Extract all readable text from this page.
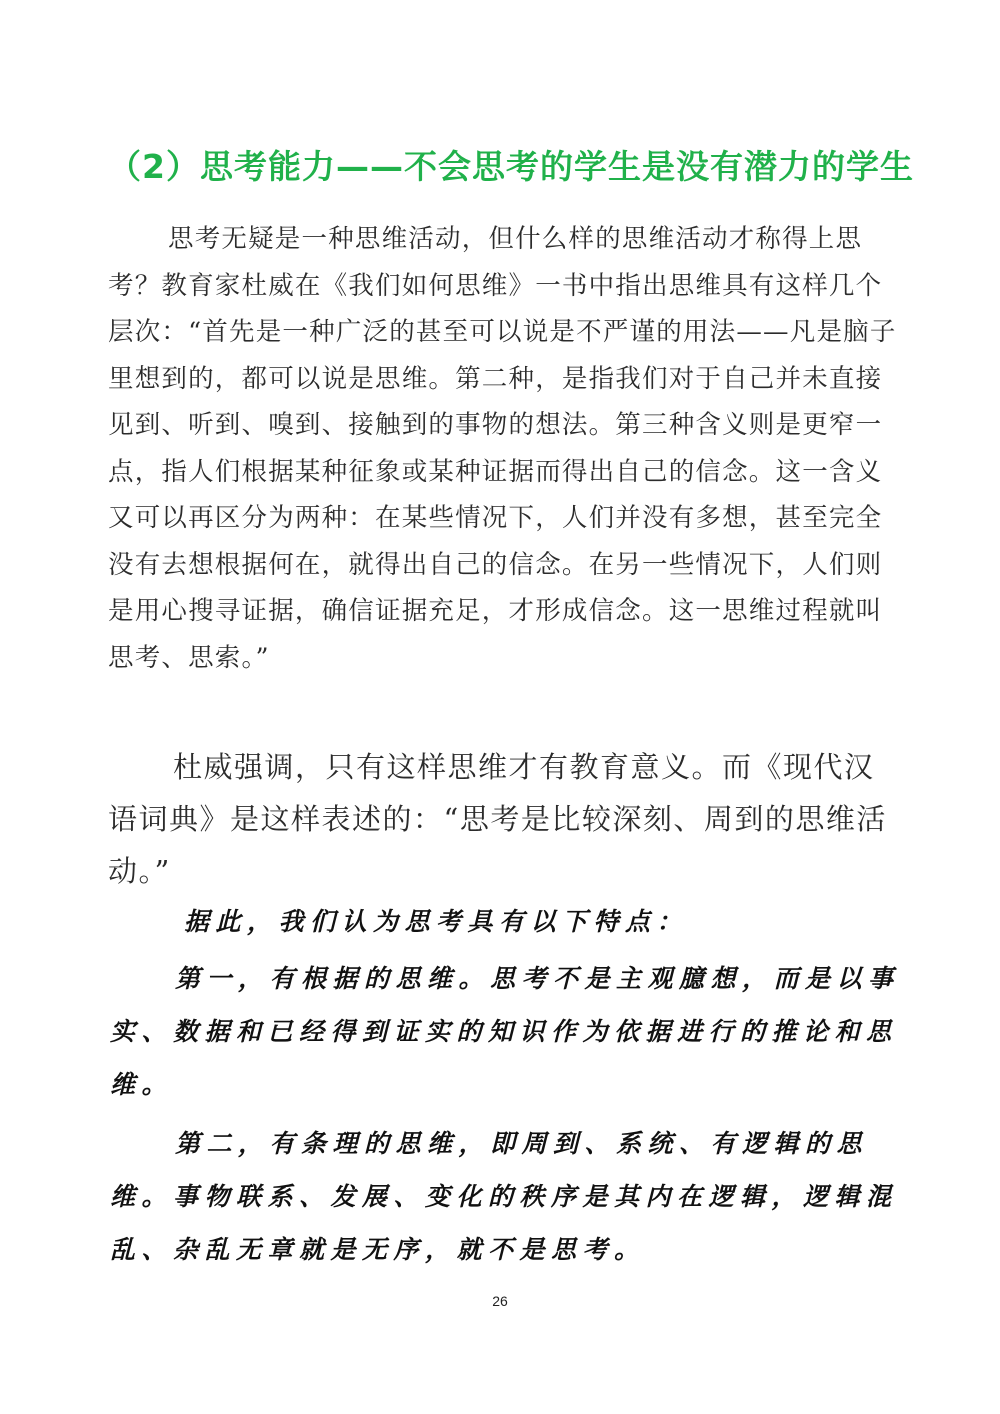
（2）思考能力——不会思考的学生是没有潜力的学生

思考无疑是一种思维活动，但什么样的思维活动才称得上思考？教育家杜威在《我们如何思维》一书中指出思维具有这样几个层次：“首先是一种广泛的甚至可以说是不严谨的用法——凡是脑子里想到的，都可以说是思维。第二种，是指我们对于自己并未直接见到、听到、嗅到、接触到的事物的想法。第三种含义则是更窄一点，指人们根据某种征象或某种证据而得出自己的信念。这一含义又可以再区分为两种：在某些情况下，人们并没有多想，甚至完全没有去想根据何在，就得出自己的信念。在另一些情况下，人们则是用心搜寻证据，确信证据充足，才形成信念。这一思维过程就叫思考、思索。”

杜威强调，只有这样思维才有教育意义。而《现代汉语词典》是这样表述的：“思考是比较深刻、周到的思维活动。”

据此，我们认为思考具有以下特点：

第一，有根据的思维。思考不是主观臆想，而是以事实、数据和已经得到证实的知识作为依据进行的推论和思维。

第二，有条理的思维，即周到、系统、有逻辑的思维。事物联系、发展、变化的秩序是其内在逻辑，逻辑混乱、杂乱无章就是无序，就不是思考。

26
